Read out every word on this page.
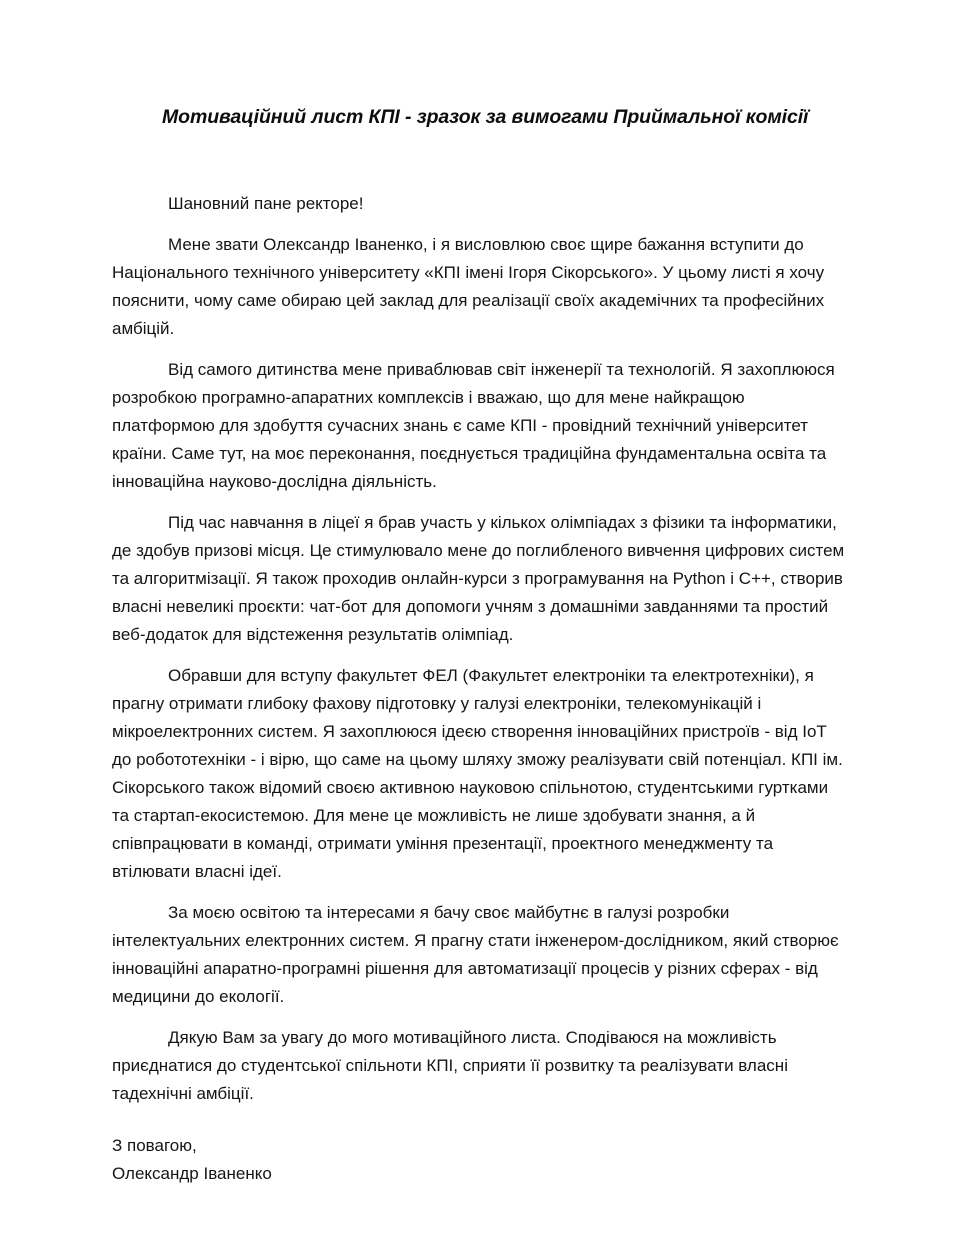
Мотиваційний лист КПІ - зразок за вимогами Приймальної комісії

Шановний пане ректоре!

Мене звати Олександр Іваненко, і я висловлюю своє щире бажання вступити до Національного технічного університету «КПІ імені Ігоря Сікорського». У цьому листі я хочу пояснити, чому саме обираю цей заклад для реалізації своїх академічних та професійних амбіцій.

Від самого дитинства мене приваблював світ інженерії та технологій. Я захоплююся розробкою програмно-апаратних комплексів і вважаю, що для мене найкращою платформою для здобуття сучасних знань є саме КПІ - провідний технічний університет країни. Саме тут, на моє переконання, поєднується традиційна фундаментальна освіта та інноваційна науково-дослідна діяльність.

Під час навчання в ліцеї я брав участь у кількох олімпіадах з фізики та інформатики, де здобув призові місця. Це стимулювало мене до поглибленого вивчення цифрових систем та алгоритмізації. Я також проходив онлайн-курси з програмування на Python і C++, створив власні невеликі проєкти: чат-бот для допомоги учням з домашніми завданнями та простий веб-додаток для відстеження результатів олімпіад.

Обравши для вступу факультет ФЕЛ (Факультет електроніки та електротехніки), я прагну отримати глибоку фахову підготовку у галузі електроніки, телекомунікацій і мікроелектронних систем. Я захоплююся ідеєю створення інноваційних пристроїв - від IoT до робототехніки - і вірю, що саме на цьому шляху зможу реалізувати свій потенціал. КПІ ім. Сікорського також відомий своєю активною науковою спільнотою, студентськими гуртками та стартап-екосистемою. Для мене це можливість не лише здобувати знання, а й співпрацювати в команді, отримати уміння презентації, проектного менеджменту та втілювати власні ідеї.

За моєю освітою та інтересами я бачу своє майбутнє в галузі розробки інтелектуальних електронних систем. Я прагну стати інженером-дослідником, який створює інноваційні апаратно-програмні рішення для автоматизації процесів у різних сферах - від медицини до екології.

Дякую Вам за увагу до мого мотиваційного листа. Сподіваюся на можливість приєднатися до студентської спільноти КПІ, сприяти її розвитку та реалізувати власні тадехнічні амбіції.

З повагою,

Олександр Іваненко
